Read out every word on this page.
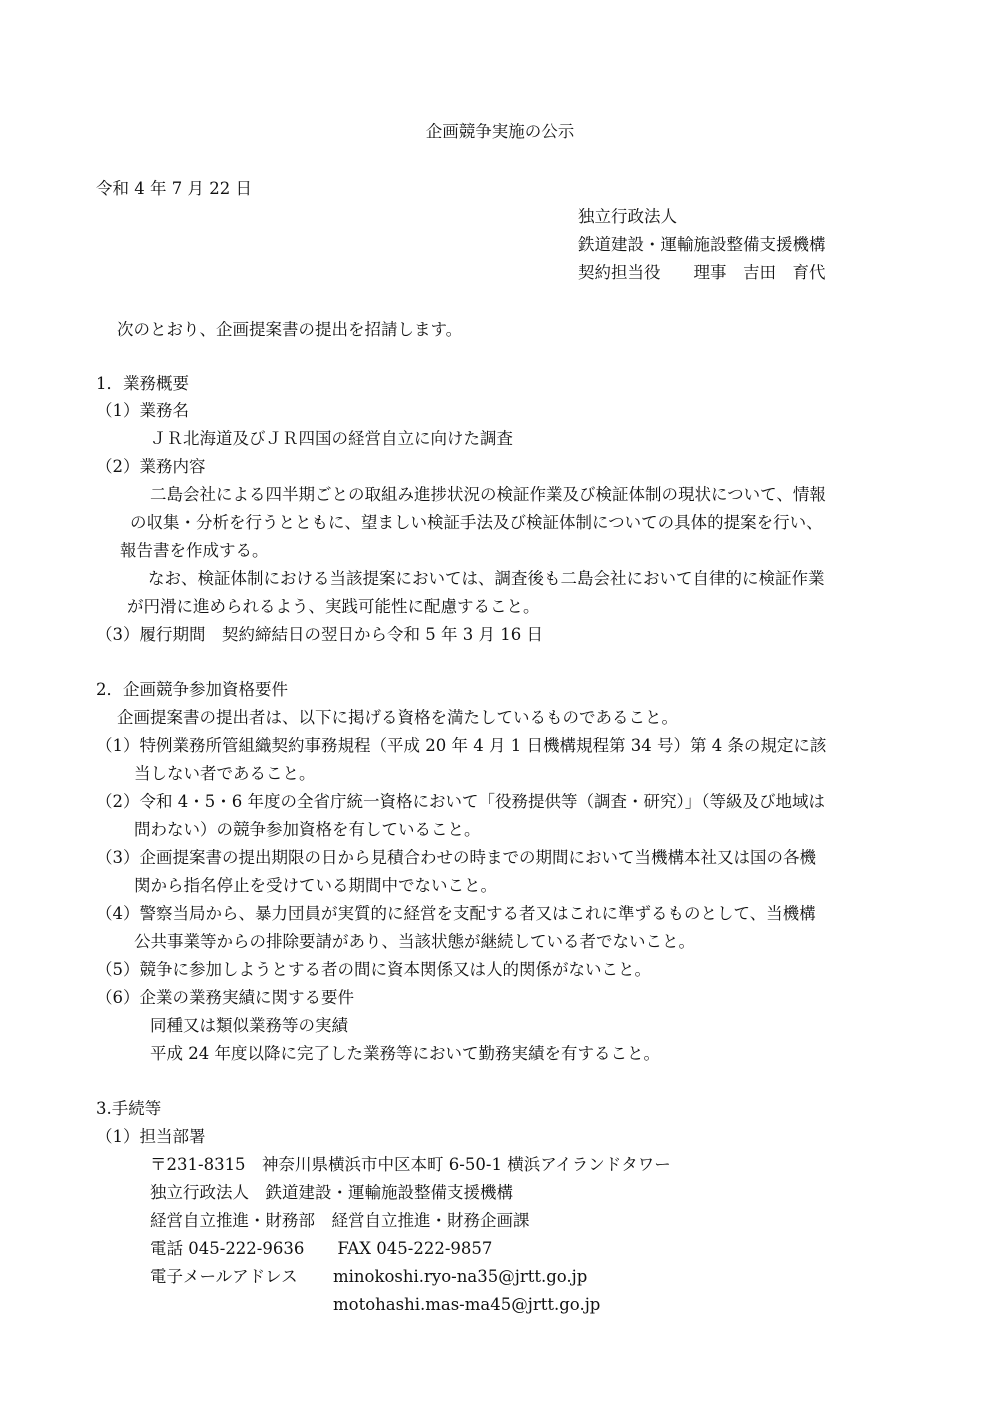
企画競争実施の公示
令和 4 年 7 月 22 日
独立行政法人
鉄道建設・運輸施設整備支援機構
契約担当役　　理事　吉田　育代
次のとおり、企画提案書の提出を招請します。
1．業務概要
（1）業務名
ＪＲ北海道及びＪＲ四国の経営自立に向けた調査
（2）業務内容
二島会社による四半期ごとの取組み進捗状況の検証作業及び検証体制の現状について、情報
の収集・分析を行うとともに、望ましい検証手法及び検証体制についての具体的提案を行い、
報告書を作成する。
なお、検証体制における当該提案においては、調査後も二島会社において自律的に検証作業
が円滑に進められるよう、実践可能性に配慮すること。
（3）履行期間　契約締結日の翌日から令和 5 年 3 月 16 日
2．企画競争参加資格要件
企画提案書の提出者は、以下に掲げる資格を満たしているものであること。
（1）特例業務所管組織契約事務規程（平成 20 年 4 月 1 日機構規程第 34 号）第 4 条の規定に該
当しない者であること。
（2）令和 4・5・6 年度の全省庁統一資格において「役務提供等（調査・研究）」（等級及び地域は
問わない）の競争参加資格を有していること。
（3）企画提案書の提出期限の日から見積合わせの時までの期間において当機構本社又は国の各機
関から指名停止を受けている期間中でないこと。
（4）警察当局から、暴力団員が実質的に経営を支配する者又はこれに準ずるものとして、当機構
公共事業等からの排除要請があり、当該状態が継続している者でないこと。
（5）競争に参加しようとする者の間に資本関係又は人的関係がないこと。
（6）企業の業務実績に関する要件
同種又は類似業務等の実績
平成 24 年度以降に完了した業務等において勤務実績を有すること。
3.手続等
（1）担当部署
〒231-8315　神奈川県横浜市中区本町 6-50-1 横浜アイランドタワー
独立行政法人　鉄道建設・運輸施設整備支援機構
経営自立推進・財務部　経営自立推進・財務企画課
電話 045-222-9636　　FAX 045-222-9857
電子メールアドレス minokoshi.ryo-na35@jrtt.go.jp
motohashi.mas-ma45@jrtt.go.jp
